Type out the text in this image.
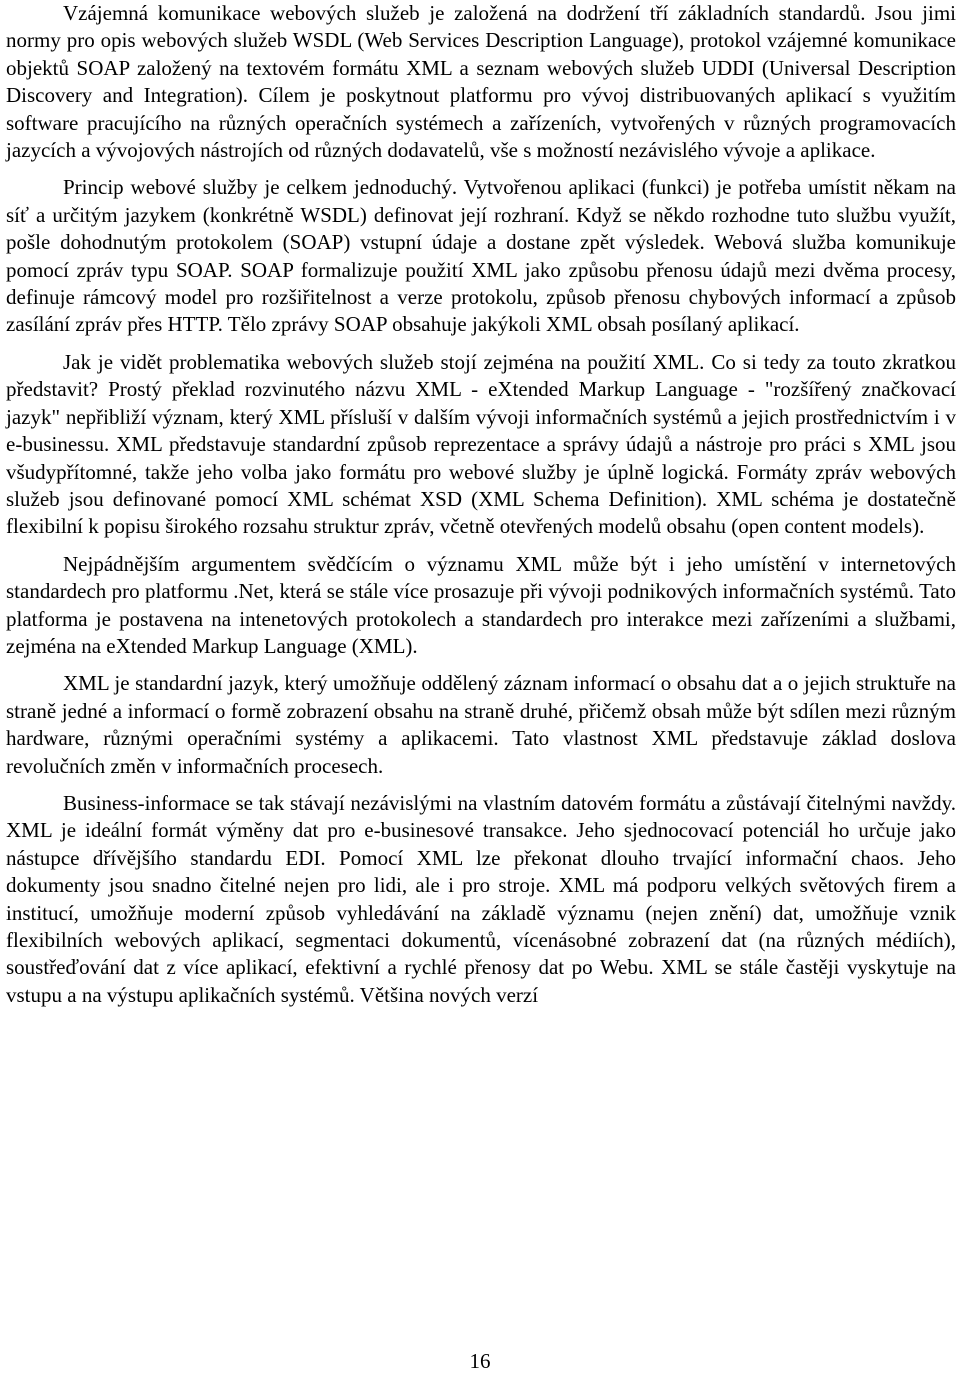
Vzájemná komunikace webových služeb je založená na dodržení tří základních standardů. Jsou jimi normy pro opis webových služeb WSDL (Web Services Description Language), protokol vzájemné komunikace objektů SOAP založený na textovém formátu XML a seznam webových služeb UDDI (Universal Description Discovery and Integration). Cílem je poskytnout platformu pro vývoj distribuovaných aplikací s využitím software pracujícího na různých operačních systémech a zařízeních, vytvořených v různých programovacích jazycích a vývojových nástrojích od různých dodavatelů, vše s možností nezávislého vývoje a aplikace.

Princip webové služby je celkem jednoduchý. Vytvořenou aplikaci (funkci) je potřeba umístit někam na síť a určitým jazykem (konkrétně WSDL) definovat její rozhraní. Když se někdo rozhodne tuto službu využít, pošle dohodnutým protokolem (SOAP) vstupní údaje a dostane zpět výsledek. Webová služba komunikuje pomocí zpráv typu SOAP. SOAP formalizuje použití XML jako způsobu přenosu údajů mezi dvěma procesy, definuje rámcový model pro rozšiřitelnost a verze protokolu, způsob přenosu chybových informací a způsob zasílání zpráv přes HTTP. Tělo zprávy SOAP obsahuje jakýkoli XML obsah posílaný aplikací.

Jak je vidět problematika webových služeb stojí zejména na použití XML. Co si tedy za touto zkratkou představit? Prostý překlad rozvinutého názvu XML - eXtended Markup Language - "rozšířený značkovací jazyk" nepřibliží význam, který XML přísluší v dalším vývoji informačních systémů a jejich prostřednictvím i v e-businessu. XML představuje standardní způsob reprezentace a správy údajů a nástroje pro práci s XML jsou všudypřítomné, takže jeho volba jako formátu pro webové služby je úplně logická. Formáty zpráv webových služeb jsou definované pomocí XML schémat XSD (XML Schema Definition). XML schéma je dostatečně flexibilní k popisu širokého rozsahu struktur zpráv, včetně otevřených modelů obsahu (open content models).

Nejpádnějším argumentem svědčícím o významu XML může být i jeho umístění v internetových standardech pro platformu .Net, která se stále více prosazuje při vývoji podnikových informačních systémů. Tato platforma je postavena na intenetových protokolech a standardech pro interakce mezi zařízeními a službami, zejména na eXtended Markup Language (XML).

XML je standardní jazyk, který umožňuje oddělený záznam informací o obsahu dat a o jejich struktuře na straně jedné a informací o formě zobrazení obsahu na straně druhé, přičemž obsah může být sdílen mezi různým hardware, různými operačními systémy a aplikacemi. Tato vlastnost XML představuje základ doslova revolučních změn v informačních procesech.

Business-informace se tak stávají nezávislými na vlastním datovém formátu a zůstávají čitelnými navždy. XML je ideální formát výměny dat pro e-businesové transakce. Jeho sjednocovací potenciál ho určuje jako nástupce dřívějšího standardu EDI. Pomocí XML lze překonat dlouho trvající informační chaos. Jeho dokumenty jsou snadno čitelné nejen pro lidi, ale i pro stroje. XML má podporu velkých světových firem a institucí, umožňuje moderní způsob vyhledávání na základě významu (nejen znění) dat, umožňuje vznik flexibilních webových aplikací, segmentaci dokumentů, vícenásobné zobrazení dat (na různých médiích), soustřeďování dat z více aplikací, efektivní a rychlé přenosy dat po Webu. XML se stále častěji vyskytuje na vstupu a na výstupu aplikačních systémů. Většina nových verzí

16
